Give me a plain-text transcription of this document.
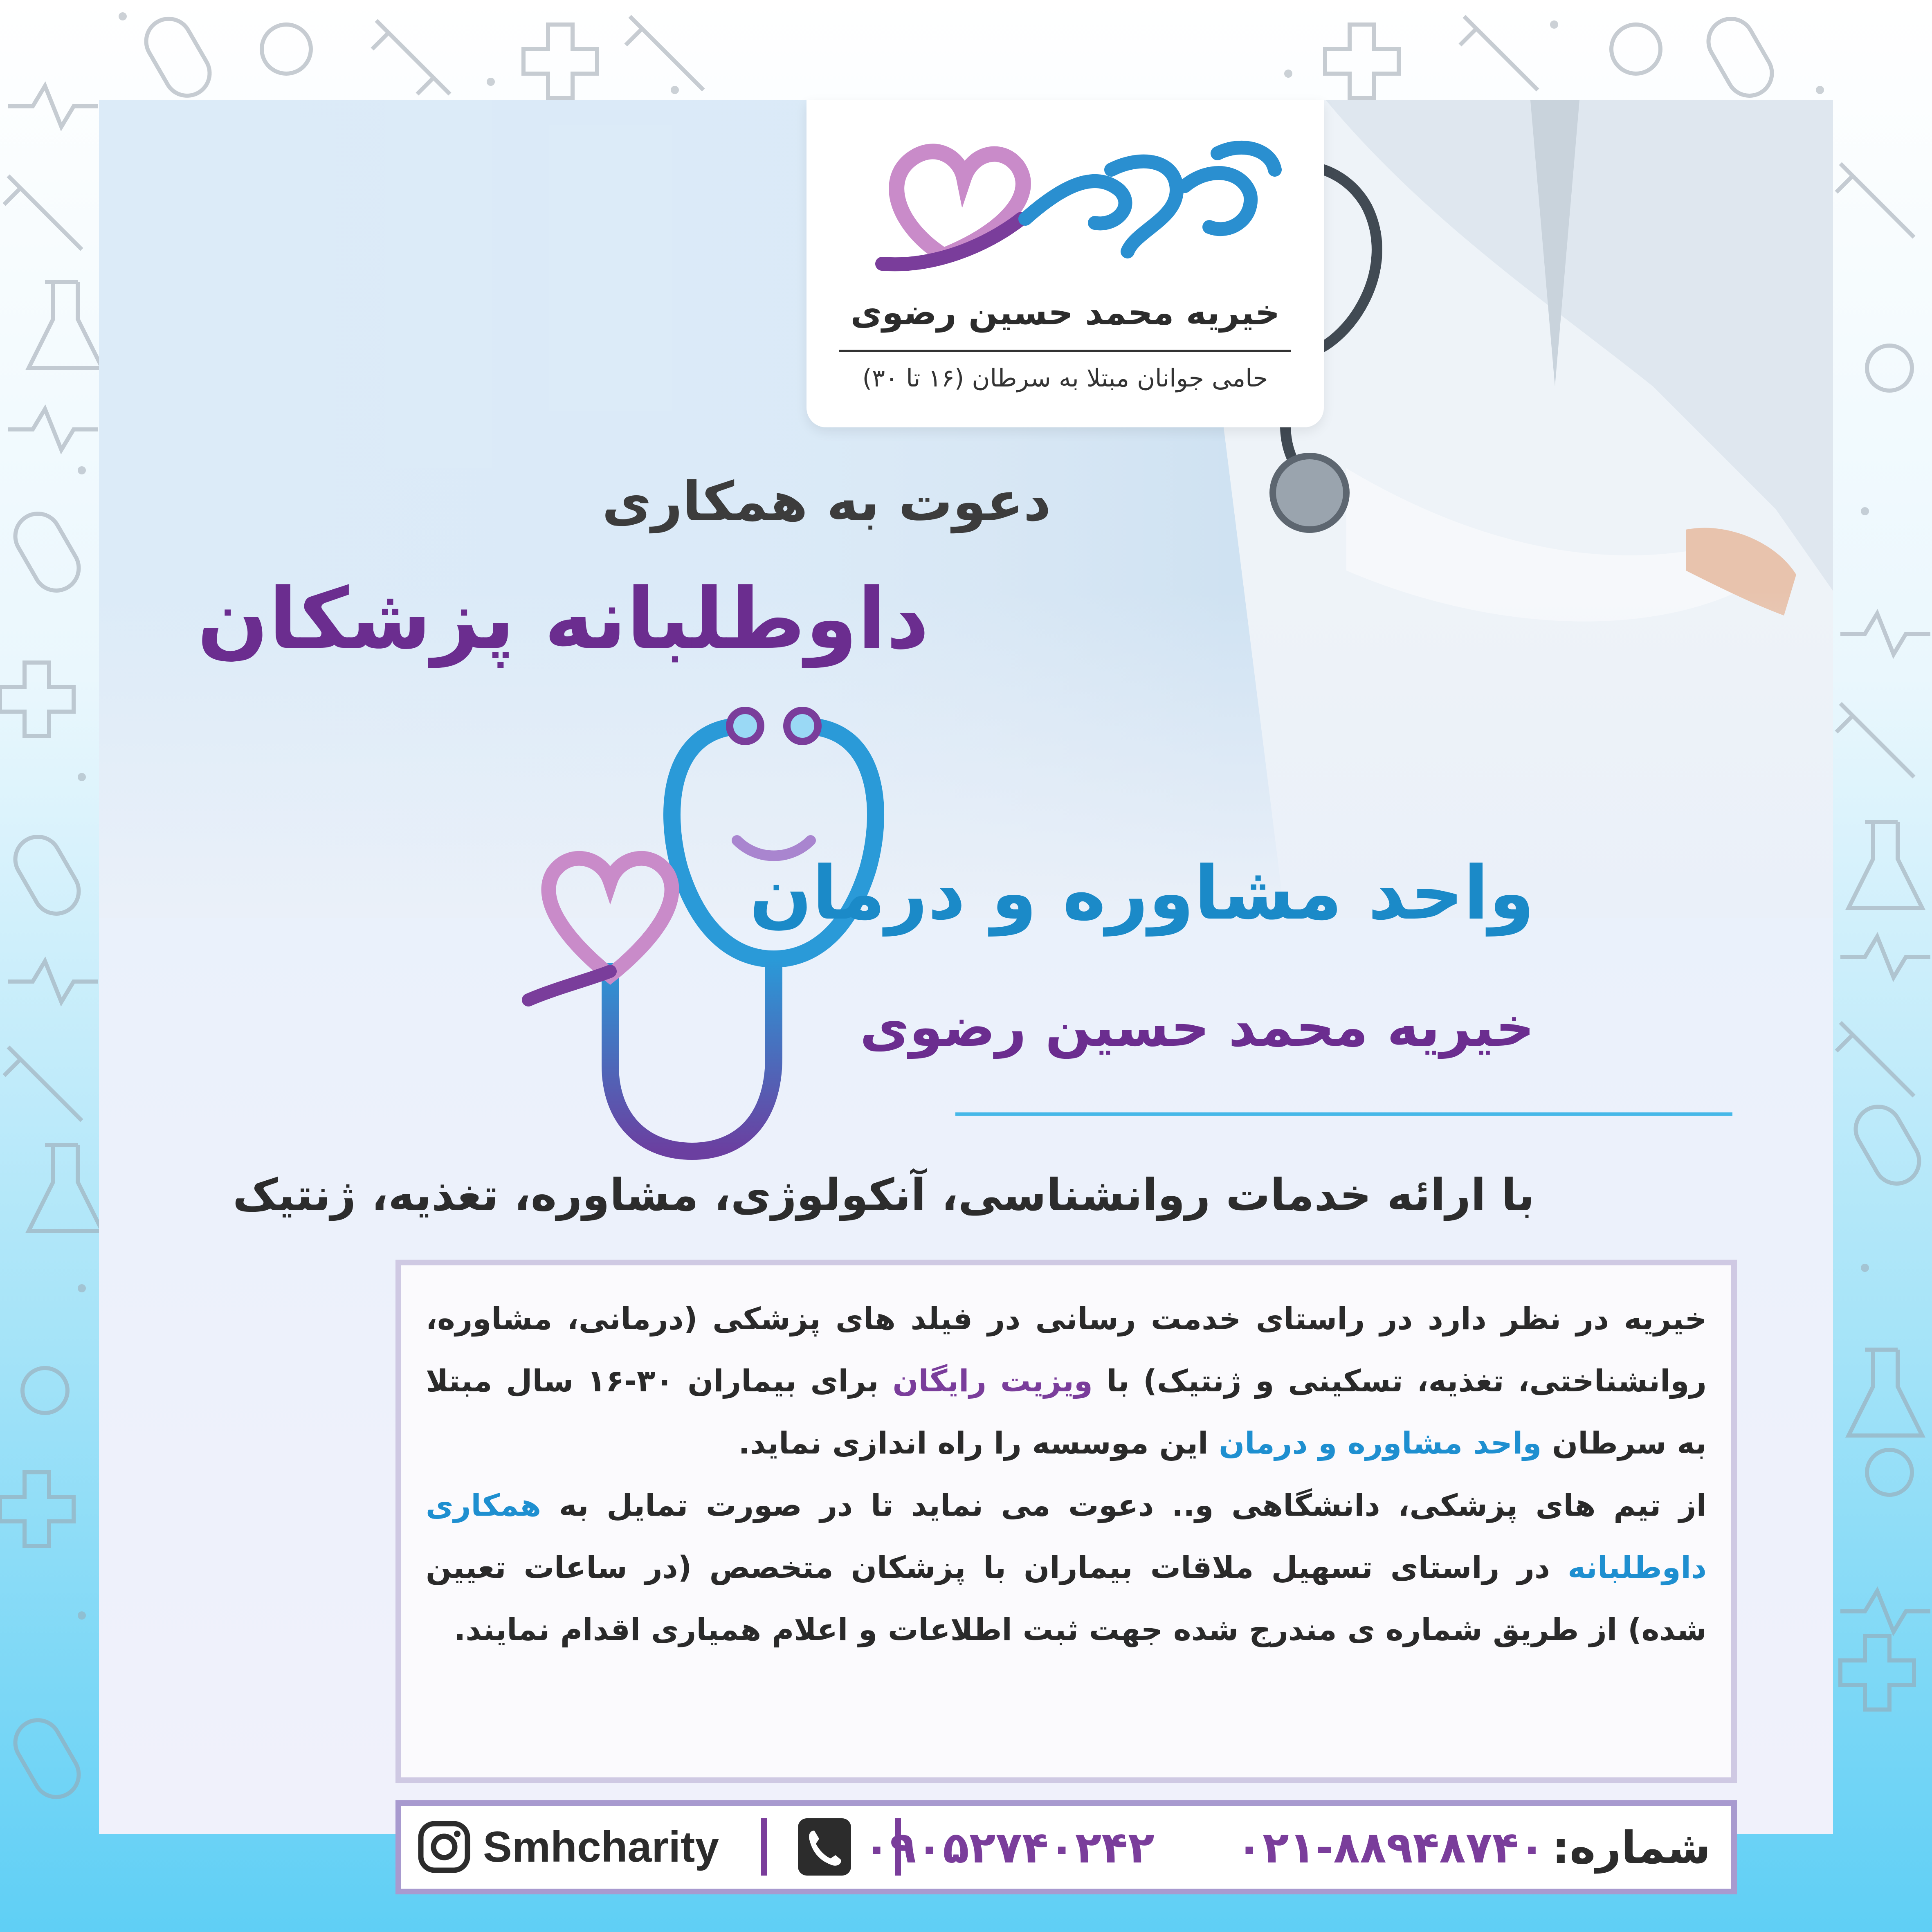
خیریه محمد حسین رضوی
حامی جوانان مبتلا به سرطان (۱۶ تا ۳۰)
دعوت به همکاری
داوطلبانه پزشکان
واحد مشاوره و درمان
خیریه محمد حسین رضوی
با ارائه خدمات روانشناسی، آنکولوژی، مشاوره، تغذیه، ژنتیک

خیریه در نظر دارد در راستای خدمت رسانی در فیلد های پزشکی (درمانی، مشاوره، روانشناختی، تغذیه، تسکینی و ژنتیک) با ویزیت رایگان برای بیماران ۳۰-۱۶ سال مبتلا به سرطان واحد مشاوره و درمان این موسسه را راه اندازی نماید.

از تیم های پزشکی، دانشگاهی و.. دعوت می نماید تا در صورت تمایل به همکاری داوطلبانه در راستای تسهیل ملاقات بیماران با پزشکان متخصص (در ساعات تعیین شده) از طریق شماره ی مندرج شده جهت ثبت اطلاعات و اعلام همیاری اقدام نمایند.

شماره:
۰۲۱-۸۸۹۴۸۷۴۰
۰۹۰۵۲۷۴۰۲۴۲
Smhcharity
